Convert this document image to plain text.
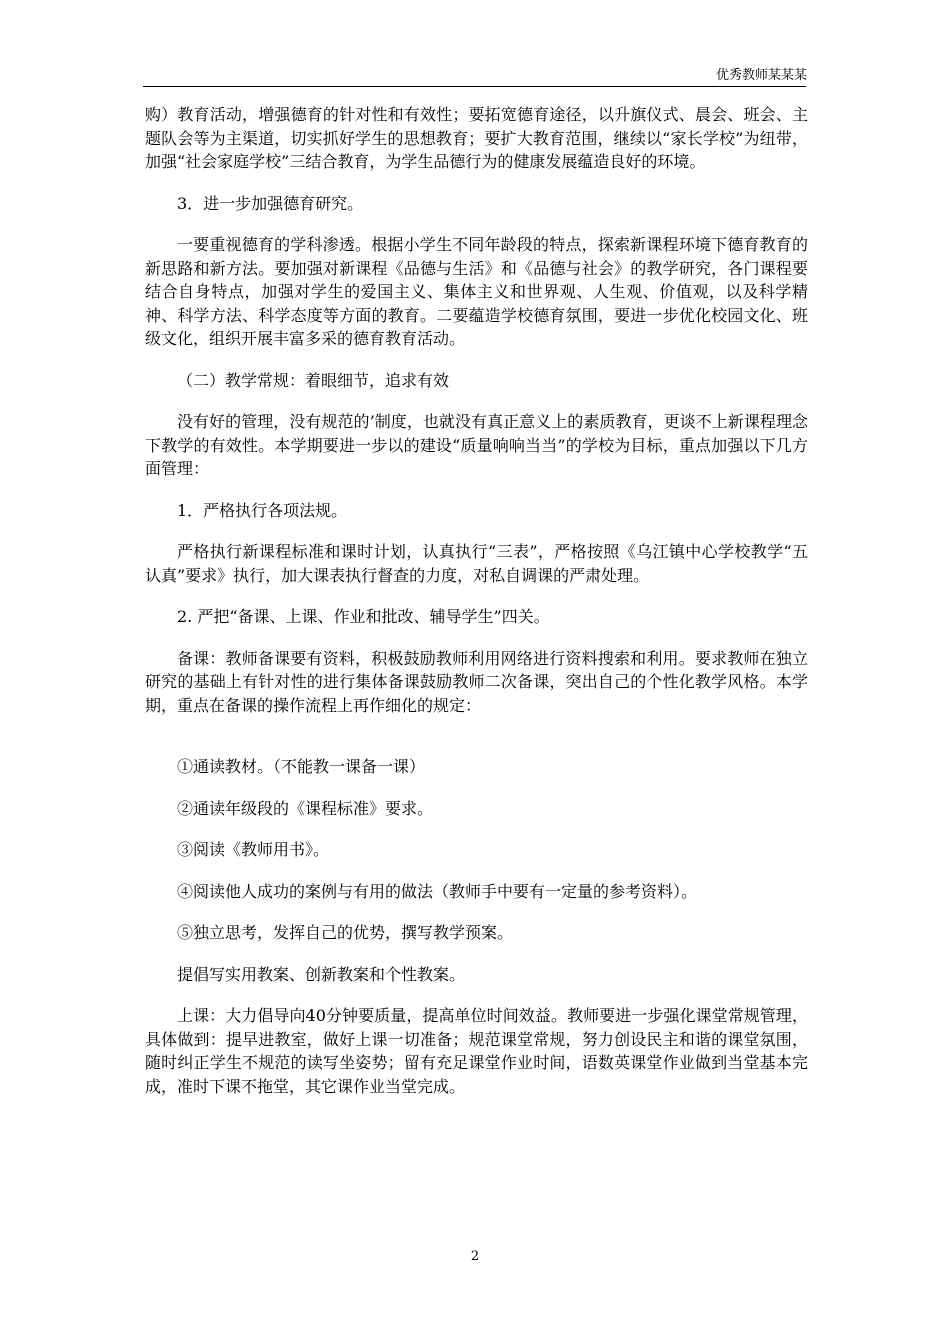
优秀教师某某某

购）教育活动，增强德育的针对性和有效性；要拓宽德育途径，以升旗仪式、晨会、班会、主题队会等为主渠道，切实抓好学生的思想教育；要扩大教育范围，继续以“家长学校”为纽带，加强“社会家庭学校”三结合教育，为学生品德行为的健康发展蕴造良好的环境。

3．进一步加强德育研究。

一要重视德育的学科渗透。根据小学生不同年龄段的特点，探索新课程环境下德育教育的新思路和新方法。要加强对新课程《品德与生活》和《品德与社会》的教学研究，各门课程要结合自身特点，加强对学生的爱国主义、集体主义和世界观、人生观、价值观，以及科学精神、科学方法、科学态度等方面的教育。二要蕴造学校德育氛围，要进一步优化校园文化、班级文化，组织开展丰富多采的德育教育活动。

（二）教学常规：着眼细节，追求有效

没有好的管理，没有规范的’制度，也就没有真正意义上的素质教育，更谈不上新课程理念下教学的有效性。本学期要进一步以的建设“质量响响当当”的学校为目标，重点加强以下几方面管理：

1．严格执行各项法规。

严格执行新课程标准和课时计划，认真执行“三表”，严格按照《乌江镇中心学校教学“五认真”要求》执行，加大课表执行督查的力度，对私自调课的严肃处理。

2. 严把“备课、上课、作业和批改、辅导学生”四关。

备课：教师备课要有资料，积极鼓励教师利用网络进行资料搜索和利用。要求教师在独立研究的基础上有针对性的进行集体备课鼓励教师二次备课，突出自己的个性化教学风格。本学期，重点在备课的操作流程上再作细化的规定：

①通读教材。（不能教一课备一课）

②通读年级段的《课程标准》要求。

③阅读《教师用书》。

④阅读他人成功的案例与有用的做法（教师手中要有一定量的参考资料）。

⑤独立思考，发挥自己的优势，撰写教学预案。

提倡写实用教案、创新教案和个性教案。

上课：大力倡导向40分钟要质量，提高单位时间效益。教师要进一步强化课堂常规管理，具体做到：提早进教室，做好上课一切准备；规范课堂常规，努力创设民主和谐的课堂氛围，随时纠正学生不规范的读写坐姿势；留有充足课堂作业时间，语数英课堂作业做到当堂基本完成，准时下课不拖堂，其它课作业当堂完成。

2
